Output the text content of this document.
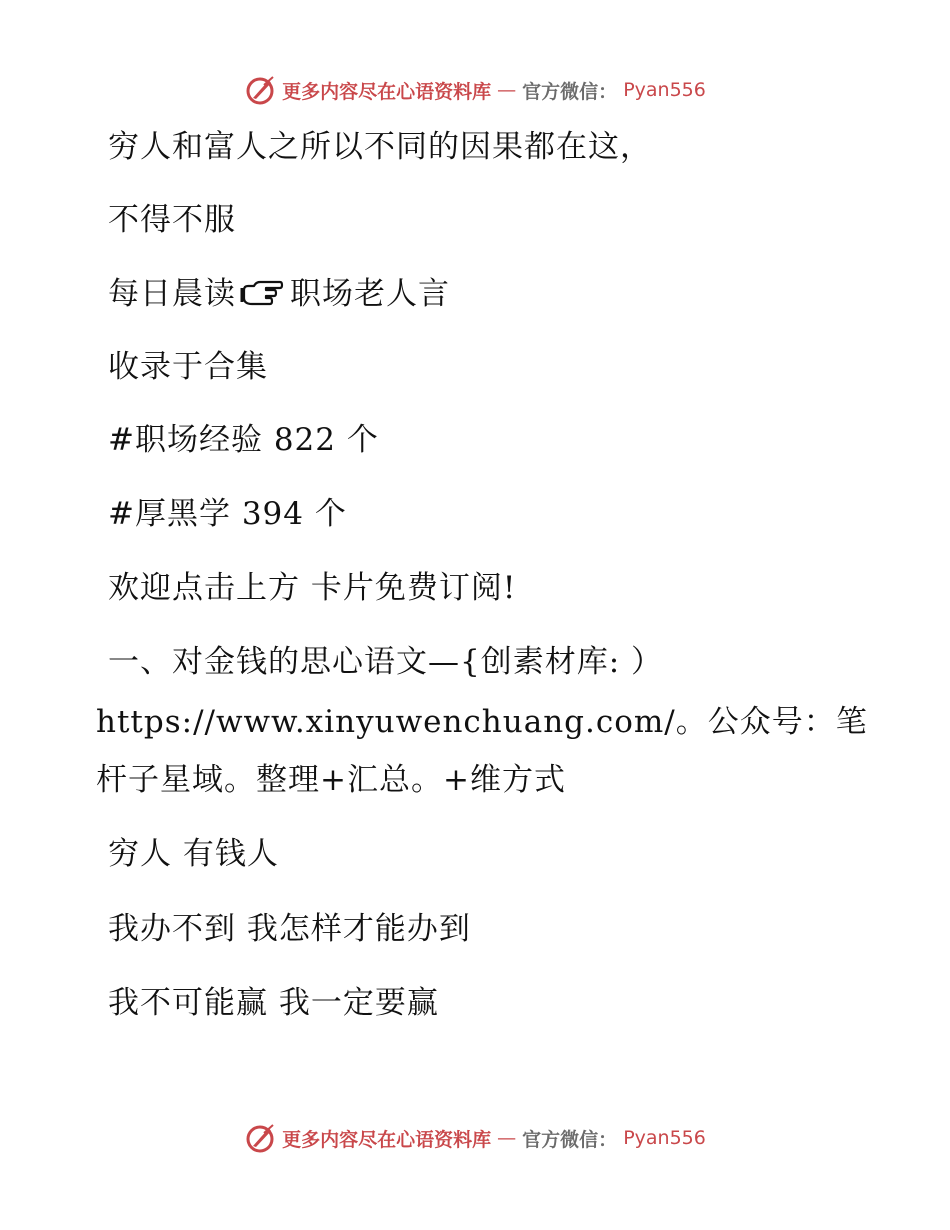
更多内容尽在心语资料库 — 官方微信： Pyan556
穷人和富人之所以不同的因果都在这，
不得不服
每日晨读 职场老人言
收录于合集
#职场经验 822 个
#厚黑学 394 个
欢迎点击上方 卡片免费订阅!
一、对金钱的思心语文—{创素材库: ）
https://www.xinyuwenchuang.com/。公众号：笔
杆子星域。整理+汇总。+维方式
穷人 有钱人
我办不到 我怎样才能办到
我不可能赢 我一定要赢
更多内容尽在心语资料库 — 官方微信： Pyan556
